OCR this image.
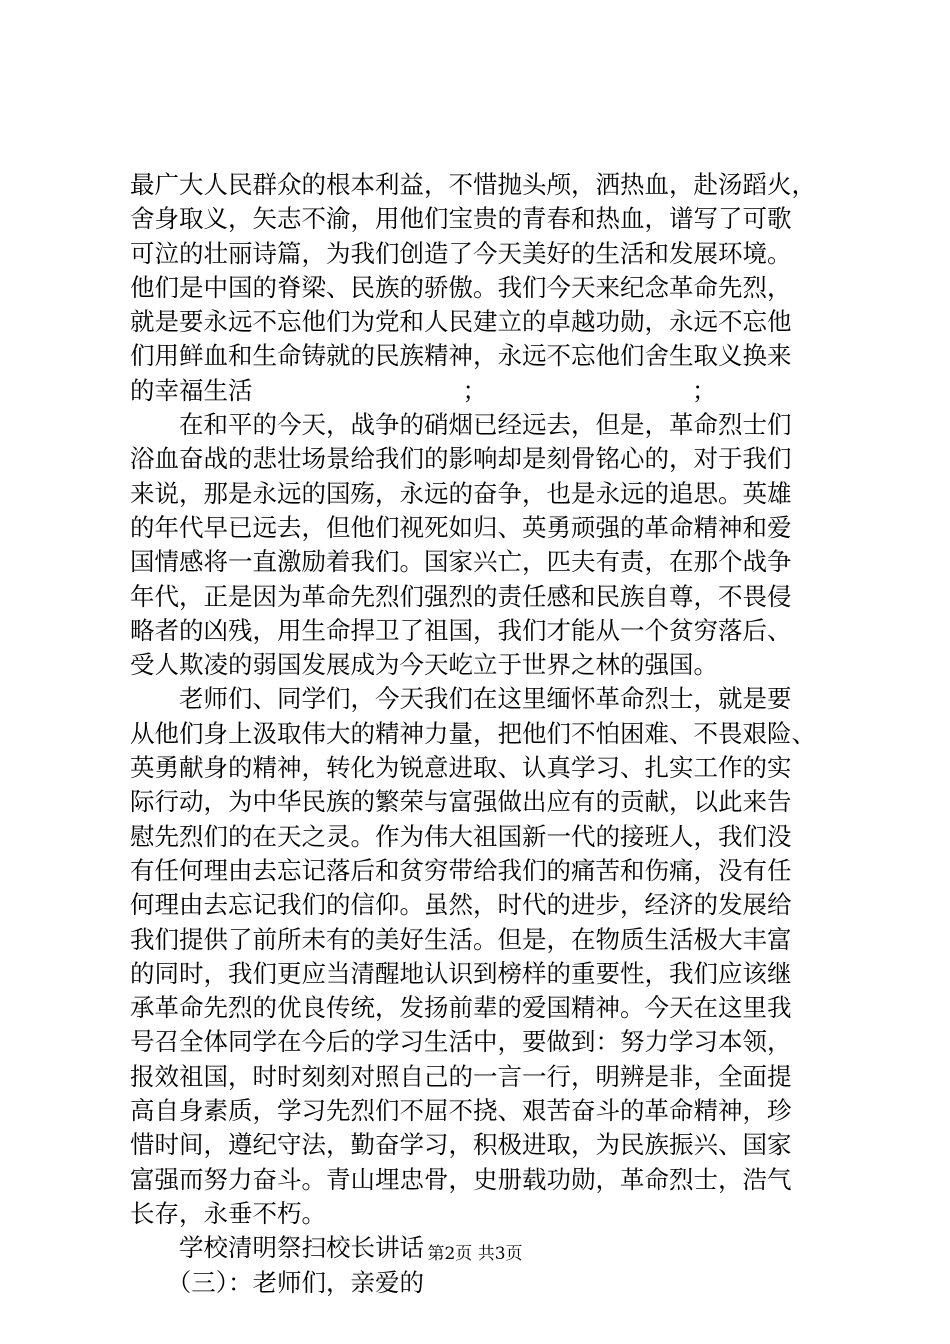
最广大人民群众的根本利益，不惜抛头颅，洒热血，赴汤蹈火，
舍身取义，矢志不渝，用他们宝贵的青春和热血，谱写了可歌
可泣的壮丽诗篇，为我们创造了今天美好的生活和发展环境。
他们是中国的脊梁、民族的骄傲。我们今天来纪念革命先烈，
就是要永远不忘他们为党和人民建立的卓越功勋，永远不忘他
们用鲜血和生命铸就的民族精神，永远不忘他们舍生取义换来
的幸福生活	；	；
　　在和平的今天，战争的硝烟已经远去，但是，革命烈士们
浴血奋战的悲壮场景给我们的影响却是刻骨铭心的，对于我们
来说，那是永远的国殇，永远的奋争，也是永远的追思。英雄
的年代早已远去，但他们视死如归、英勇顽强的革命精神和爱
国情感将一直激励着我们。国家兴亡，匹夫有责，在那个战争
年代，正是因为革命先烈们强烈的责任感和民族自尊，不畏侵
略者的凶残，用生命捍卫了祖国，我们才能从一个贫穷落后、
受人欺凌的弱国发展成为今天屹立于世界之林的强国。
　　老师们、同学们，今天我们在这里缅怀革命烈士，就是要
从他们身上汲取伟大的精神力量，把他们不怕困难、不畏艰险、
英勇献身的精神，转化为锐意进取、认真学习、扎实工作的实
际行动，为中华民族的繁荣与富强做出应有的贡献，以此来告
慰先烈们的在天之灵。作为伟大祖国新一代的接班人，我们没
有任何理由去忘记落后和贫穷带给我们的痛苦和伤痛，没有任
何理由去忘记我们的信仰。虽然，时代的进步，经济的发展给
我们提供了前所未有的美好生活。但是，在物质生活极大丰富
的同时，我们更应当清醒地认识到榜样的重要性，我们应该继
承革命先烈的优良传统，发扬前辈的爱国精神。今天在这里我
号召全体同学在今后的学习生活中，要做到：努力学习本领，
报效祖国，时时刻刻对照自己的一言一行，明辨是非，全面提
高自身素质，学习先烈们不屈不挠、艰苦奋斗的革命精神，珍
惜时间，遵纪守法，勤奋学习，积极进取，为民族振兴、国家
富强而努力奋斗。青山埋忠骨，史册载功勋，革命烈士，浩气
长存，永垂不朽。
　　学校清明祭扫校长讲话
　　（三）：老师们，亲爱的
第2页 共3页
